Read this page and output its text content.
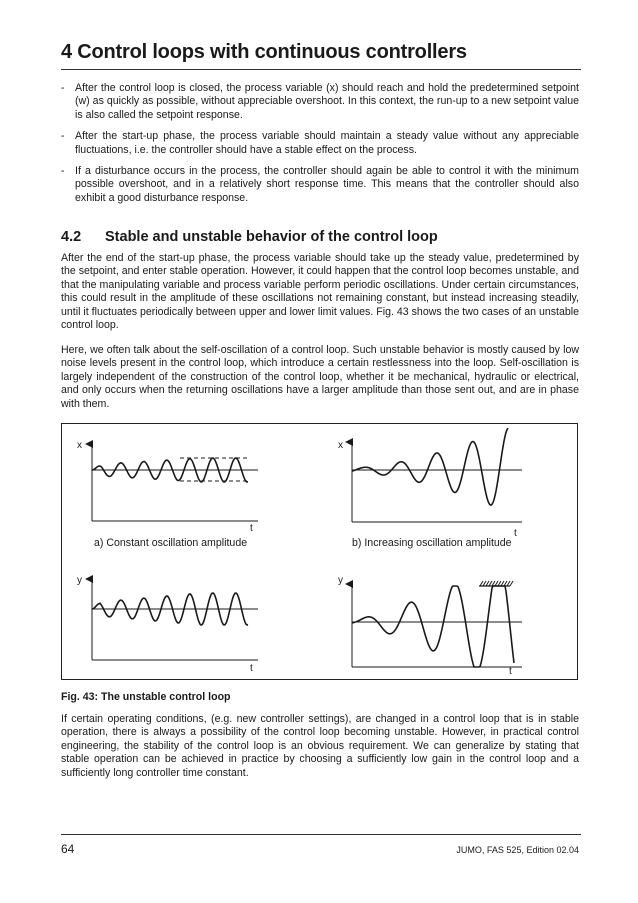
4 Control loops with continuous controllers
- After the control loop is closed, the process variable (x) should reach and hold the predetermined setpoint (w) as quickly as possible, without appreciable overshoot. In this context, the run-up to a new setpoint value is also called the setpoint response.
- After the start-up phase, the process variable should maintain a steady value without any appreciable fluctuations, i.e. the controller should have a stable effect on the process.
- If a disturbance occurs in the process, the controller should again be able to control it with the minimum possible overshoot, and in a relatively short response time. This means that the controller should also exhibit a good disturbance response.
4.2 Stable and unstable behavior of the control loop

After the end of the start-up phase, the process variable should take up the steady value, predetermined by the setpoint, and enter stable operation. However, it could happen that the control loop becomes unstable, and that the manipulating variable and process variable perform periodic oscillations. Under certain circumstances, this could result in the amplitude of these oscillations not remaining constant, but instead increasing steadily, until it fluctuates periodically between upper and lower limit values. Fig. 43 shows the two cases of an unstable control loop.

Here, we often talk about the self-oscillation of a control loop. Such unstable behavior is mostly caused by low noise levels present in the control loop, which introduce a certain restlessness into the loop. Self-oscillation is largely independent of the construction of the control loop, whether it be mechanical, hydraulic or electrical, and only occurs when the returning oscillations have a larger amplitude than those sent out, and are in phase with them.

x
t
a) Constant oscillation amplitude
x
t
b) Increasing oscillation amplitude
y
t
y
t
Fig. 43: The unstable control loop

If certain operating conditions, (e.g. new controller settings), are changed in a control loop that is in stable operation, there is always a possibility of the control loop becoming unstable. However, in practical control engineering, the stability of the control loop is an obvious requirement. We can generalize by stating that stable operation can be achieved in practice by choosing a sufficiently low gain in the control loop and a sufficiently long controller time constant.

64	JUMO, FAS 525, Edition 02.04
